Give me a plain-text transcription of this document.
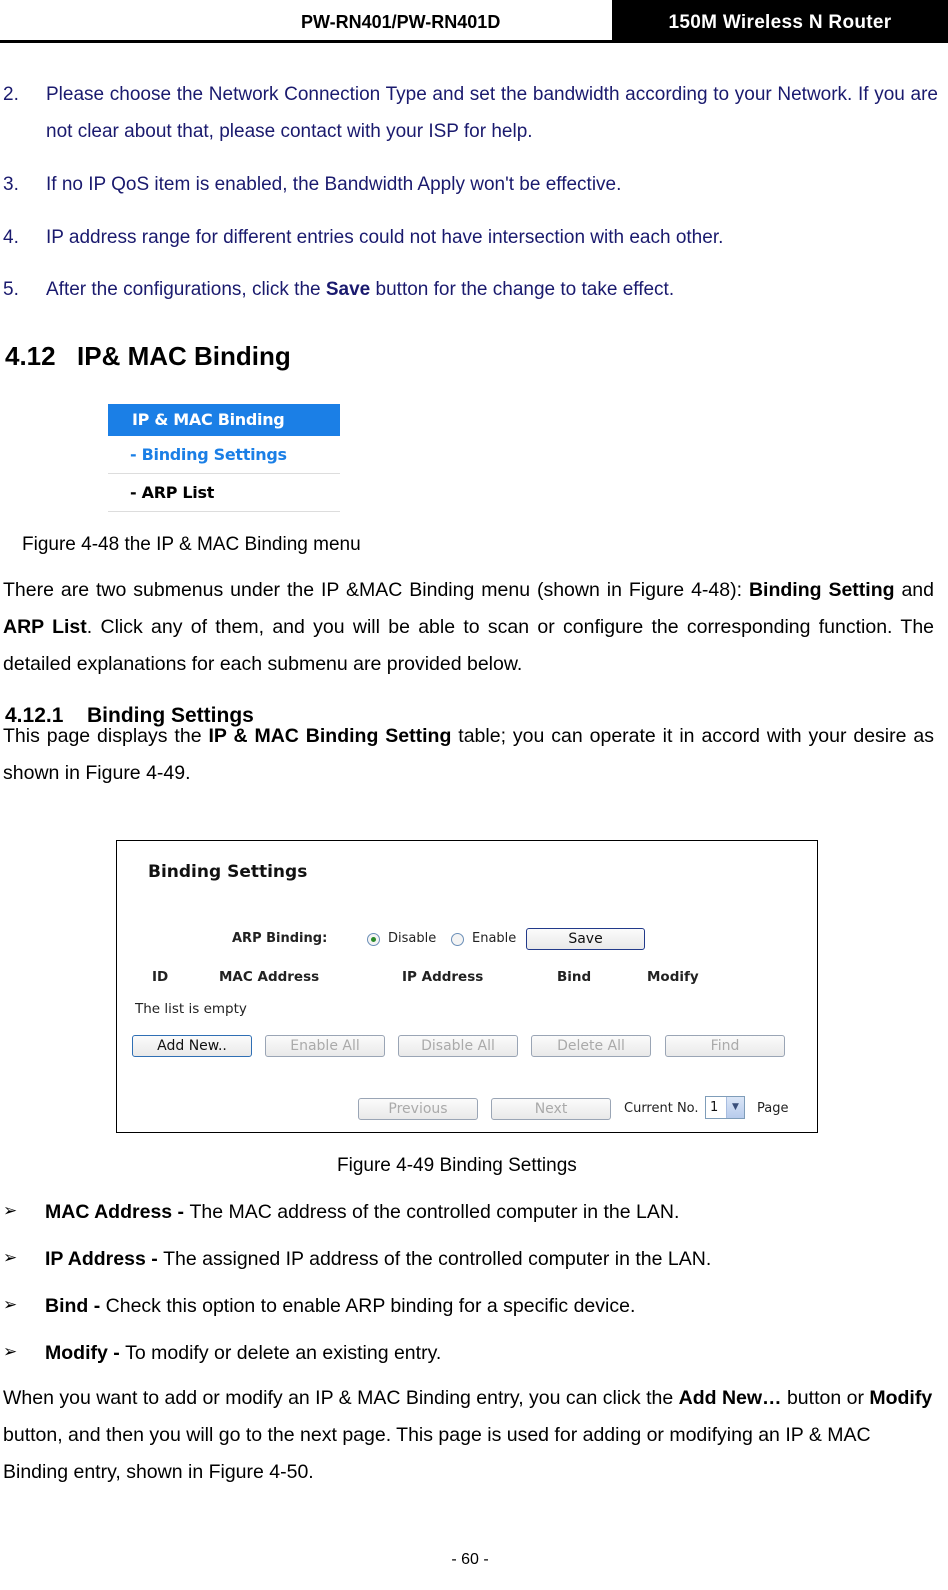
PW-RN401/PW-RN401D	150M Wireless N Router
2. Please choose the Network Connection Type and set the bandwidth according to your Network. If you are not clear about that, please contact with your ISP for help.
3. If no IP QoS item is enabled, the Bandwidth Apply won't be effective.
4. IP address range for different entries could not have intersection with each other.
5. After the configurations, click the Save button for the change to take effect.
4.12 IP& MAC Binding
IP & MAC Binding
- Binding Settings
- ARP List
Figure 4-48 the IP & MAC Binding menu
There are two submenus under the IP &MAC Binding menu (shown in Figure 4-48): Binding Setting and ARP List. Click any of them, and you will be able to scan or configure the corresponding function. The detailed explanations for each submenu are provided below.
4.12.1 Binding Settings
This page displays the IP & MAC Binding Setting table; you can operate it in accord with your desire as shown in Figure 4-49.
Binding Settings
ARP Binding:	Disable	Enable	Save
ID	MAC Address	IP Address	Bind	Modify
The list is empty
Add New..	Enable All	Disable All	Delete All	Find
Previous	Next	Current No. 1	▼	Page
Figure 4-49 Binding Settings
➢ MAC Address - The MAC address of the controlled computer in the LAN.
➢ IP Address - The assigned IP address of the controlled computer in the LAN.
➢ Bind - Check this option to enable ARP binding for a specific device.
➢ Modify - To modify or delete an existing entry.
When you want to add or modify an IP & MAC Binding entry, you can click the Add New… button or Modify button, and then you will go to the next page. This page is used for adding or modifying an IP & MAC Binding entry, shown in Figure 4-50.
- 60 -
